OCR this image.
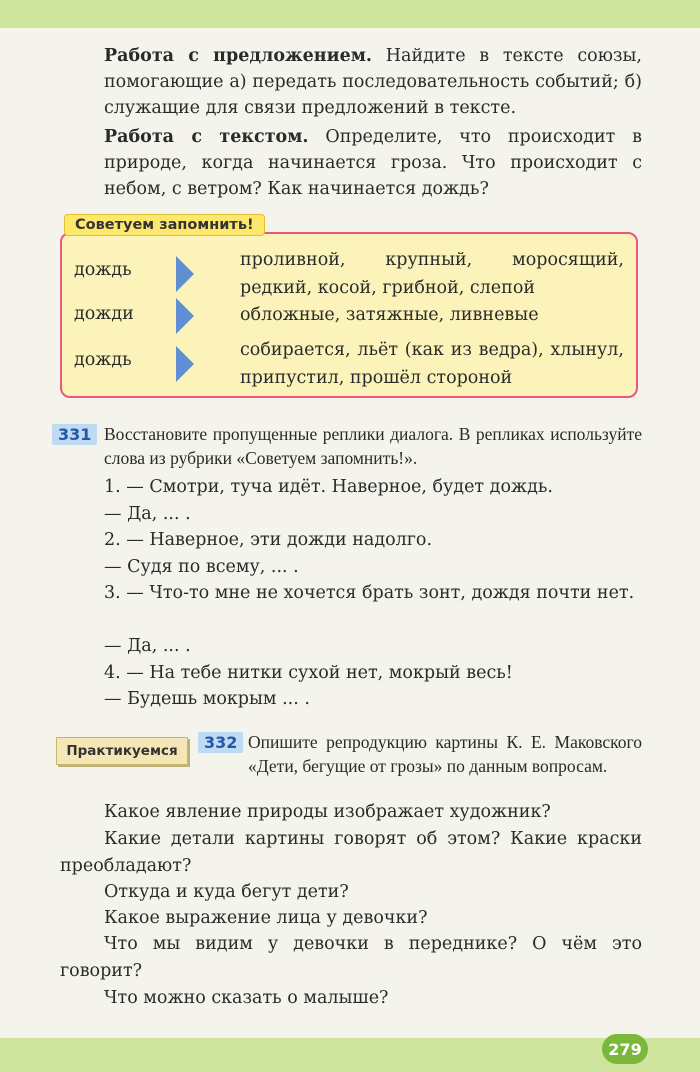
Работа с предложением. Найдите в тексте союзы, помогающие а) передать последовательность событий; б) служащие для связи предложений в тексте.
Работа с текстом. Определите, что происходит в природе, когда начинается гроза. Что происходит с небом, с ветром? Как начинается дождь?
дождь	проливной, крупный, моросящий, редкий, косой, грибной, слепой
дожди	обложные, затяжные, ливневые
дождь	собирается, льёт (как из ведра), хлынул, припустил, прошёл стороной
Советуем запомнить!
331 Восстановите пропущенные реплики диалога. В репликах используйте слова из рубрики «Советуем запомнить!».
1. — Смотри, туча идёт. Наверное, будет дождь.
— Да, ... .
2. — Наверное, эти дожди надолго.
— Судя по всему, ... .
3. — Что-то мне не хочется брать зонт, дождя почти нет.
— Да, ... .
4. — На тебе нитки сухой нет, мокрый весь!
— Будешь мокрым ... .
Практикуемся	332 Опишите репродукцию картины К. Е. Маковского «Дети, бегущие от грозы» по данным вопросам.
Какое явление природы изображает художник?
Какие детали картины говорят об этом? Какие краски преобладают?
Откуда и куда бегут дети?
Какое выражение лица у девочки?
Что мы видим у девочки в переднике? О чём это говорит?
Что можно сказать о малыше?
279
